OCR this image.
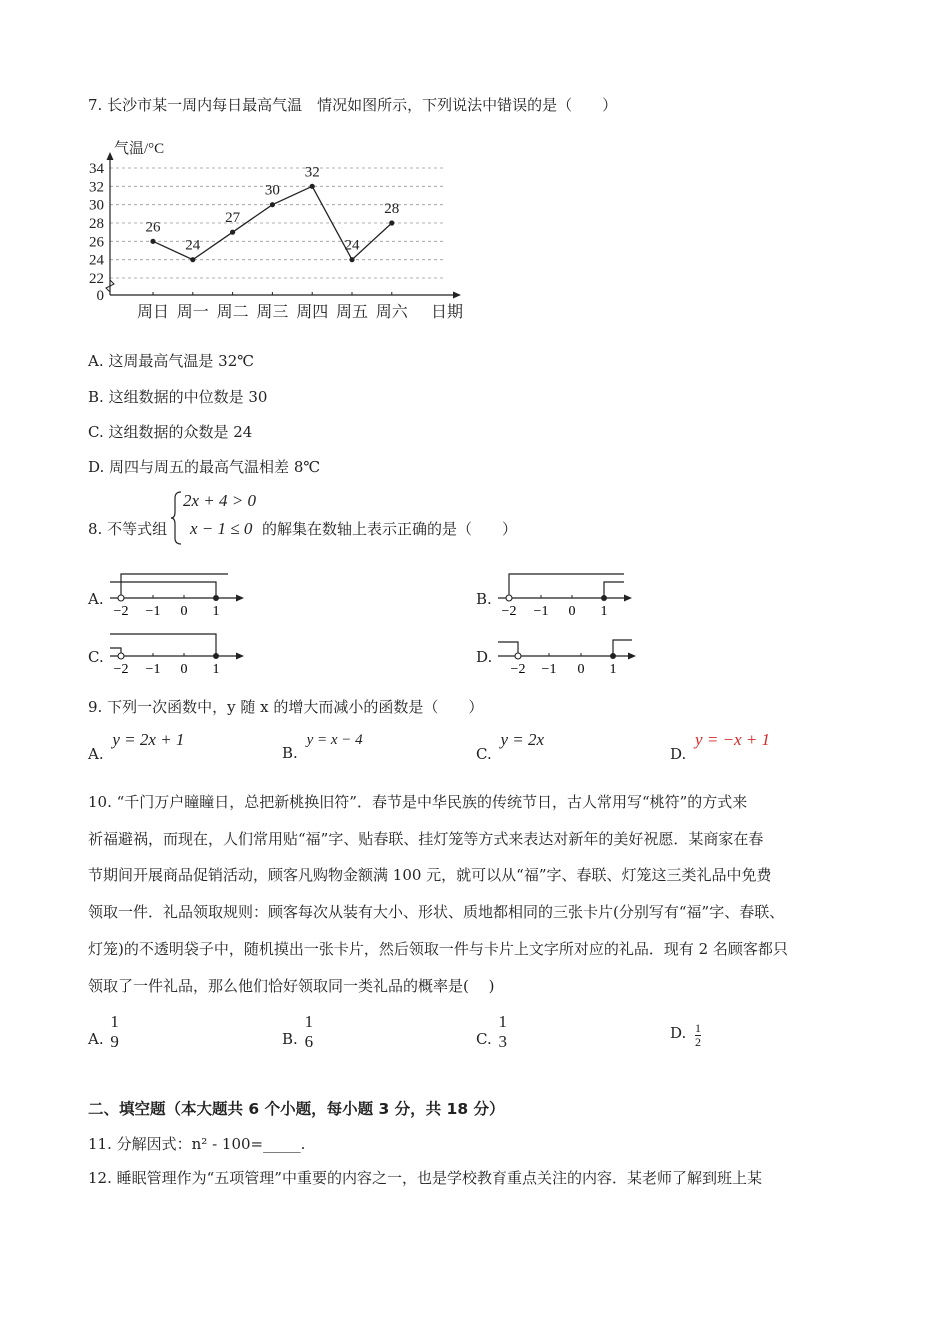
7. 长沙市某一周内每日最高气温　情况如图所示，下列说法中错误的是（　　）
0
22
24
26
28
30
32
34
气温/°C
周日 周一 周二 周三 周四 周五 周六 日期
26
24
27
30
32
24
28
A. 这周最高气温是 32℃
B. 这组数据的中位数是 30
C. 这组数据的众数是 24
D. 周四与周五的最高气温相差 8℃
8. 不等式组
2x + 4 > 0
x − 1 ≤ 0 的解集在数轴上表示正确的是（　　）
A.
−2 −1 0 1
B.
−2 −1 0 1
C.
−2 −1 0 1
D.
−2 −1 0 1
9. 下列一次函数中，y 随 x 的增大而减小的函数是（　　）
A. y = 2x + 1
B. y = x − 4
C. y = 2x
D. y = −x + 1
10. “千门万户瞳瞳日，总把新桃换旧符”．春节是中华民族的传统节日，古人常用写“桃符”的方式来
祈福避祸，而现在，人们常用贴“福”字、贴春联、挂灯笼等方式来表达对新年的美好祝愿．某商家在春
节期间开展商品促销活动，顾客凡购物金额满 100 元，就可以从“福”字、春联、灯笼这三类礼品中免费
领取一件．礼品领取规则：顾客每次从装有大小、形状、质地都相同的三张卡片(分别写有“福”字、春联、
灯笼)的不透明袋子中，随机摸出一张卡片，然后领取一件与卡片上文字所对应的礼品．现有 2 名顾客都只
领取了一件礼品，那么他们恰好领取同一类礼品的概率是(　 )
A.
1
9	B.
1
6	C.
1
3	D. $\frac{1}{2}$
二、填空题（本大题共 6 个小题，每小题 3 分，共 18 分）
11. 分解因式：n² - 100=_____.
12. 睡眠管理作为“五项管理”中重要的内容之一，也是学校教育重点关注的内容．某老师了解到班上某
